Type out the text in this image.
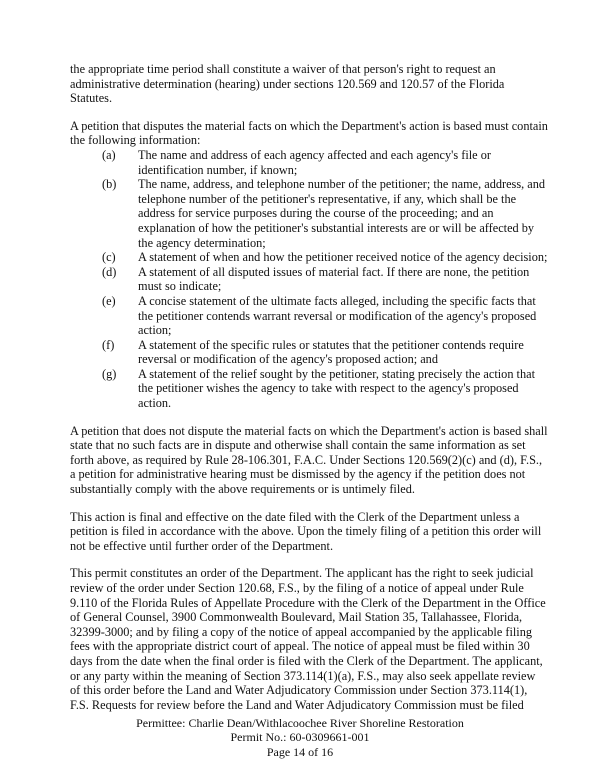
the appropriate time period shall constitute a waiver of that person's right to request an administrative determination (hearing) under sections 120.569 and 120.57 of the Florida Statutes.

A petition that disputes the material facts on which the Department's action is based must contain the following information:

(a)	The name and address of each agency affected and each agency's file or identification number, if known;
(b)	The name, address, and telephone number of the petitioner; the name, address, and telephone number of the petitioner's representative, if any, which shall be the address for service purposes during the course of the proceeding; and an explanation of how the petitioner's substantial interests are or will be affected by the agency determination;
(c)	A statement of when and how the petitioner received notice of the agency decision;
(d)	A statement of all disputed issues of material fact. If there are none, the petition must so indicate;
(e)	A concise statement of the ultimate facts alleged, including the specific facts that the petitioner contends warrant reversal or modification of the agency's proposed action;
(f)	A statement of the specific rules or statutes that the petitioner contends require reversal or modification of the agency's proposed action; and
(g)	A statement of the relief sought by the petitioner, stating precisely the action that the petitioner wishes the agency to take with respect to the agency's proposed action.

A petition that does not dispute the material facts on which the Department's action is based shall state that no such facts are in dispute and otherwise shall contain the same information as set forth above, as required by Rule 28-106.301, F.A.C. Under Sections 120.569(2)(c) and (d), F.S., a petition for administrative hearing must be dismissed by the agency if the petition does not substantially comply with the above requirements or is untimely filed.

This action is final and effective on the date filed with the Clerk of the Department unless a petition is filed in accordance with the above. Upon the timely filing of a petition this order will not be effective until further order of the Department.

This permit constitutes an order of the Department. The applicant has the right to seek judicial review of the order under Section 120.68, F.S., by the filing of a notice of appeal under Rule 9.110 of the Florida Rules of Appellate Procedure with the Clerk of the Department in the Office of General Counsel, 3900 Commonwealth Boulevard, Mail Station 35, Tallahassee, Florida, 32399-3000; and by filing a copy of the notice of appeal accompanied by the applicable filing fees with the appropriate district court of appeal. The notice of appeal must be filed within 30 days from the date when the final order is filed with the Clerk of the Department. The applicant, or any party within the meaning of Section 373.114(1)(a), F.S., may also seek appellate review of this order before the Land and Water Adjudicatory Commission under Section 373.114(1), F.S. Requests for review before the Land and Water Adjudicatory Commission must be filed

Permittee: Charlie Dean/Withlacoochee River Shoreline Restoration
Permit No.: 60-0309661-001
Page 14 of 16
